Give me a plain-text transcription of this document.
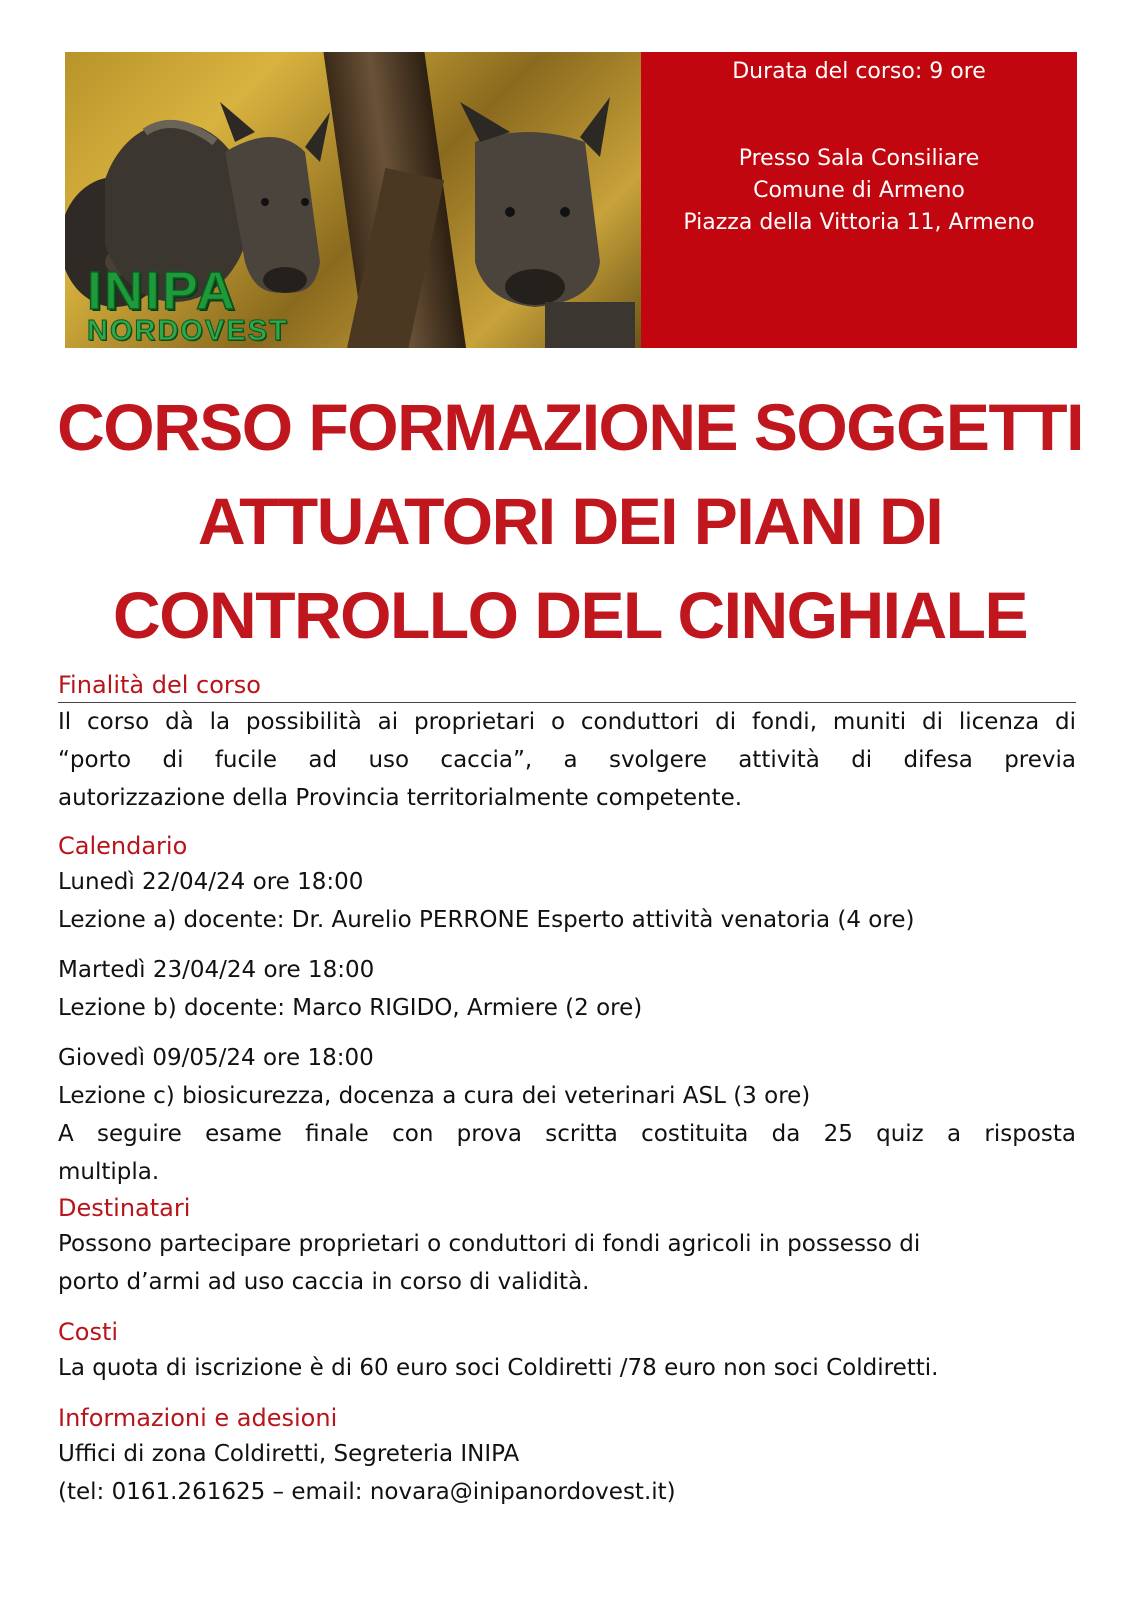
INIPA
NORDOVEST
Durata del corso: 9 ore
Presso Sala Consiliare
Comune di Armeno
Piazza della Vittoria 11, Armeno
CORSO FORMAZIONE SOGGETTI
ATTUATORI DEI PIANI DI
CONTROLLO DEL CINGHIALE
Finalità del corso
Il corso dà la possibilità ai proprietari o conduttori di fondi, muniti di licenza di
“porto di fucile ad uso caccia”, a svolgere attività di difesa previa
autorizzazione della Provincia territorialmente competente.
Calendario
Lunedì 22/04/24 ore 18:00
Lezione a) docente: Dr. Aurelio PERRONE Esperto attività venatoria (4 ore)
Martedì 23/04/24 ore 18:00
Lezione b) docente: Marco RIGIDO, Armiere (2 ore)
Giovedì 09/05/24 ore 18:00
Lezione c) biosicurezza, docenza a cura dei veterinari ASL (3 ore)
A seguire esame finale con prova scritta costituita da 25 quiz a risposta
multipla.
Destinatari
Possono partecipare proprietari o conduttori di fondi agricoli in possesso di
porto d’armi ad uso caccia in corso di validità.
Costi
La quota di iscrizione è di 60 euro soci Coldiretti /78 euro non soci Coldiretti.
Informazioni e adesioni
Uffici di zona Coldiretti, Segreteria INIPA
(tel: 0161.261625 – email: novara@inipanordovest.it)
